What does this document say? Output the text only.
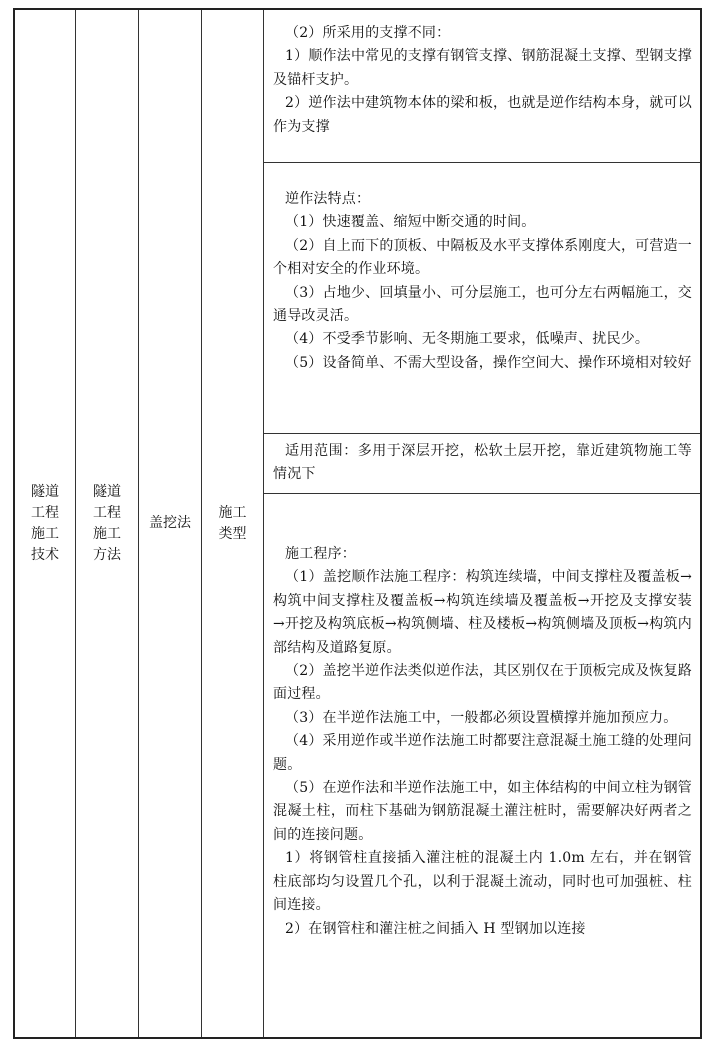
隧道
工程
施工
技术
隧道
工程
施工
方法
盖挖法
施工
类型

（2）所采用的支撑不同：

1）顺作法中常见的支撑有钢管支撑、钢筋混凝土支撑、型钢支撑及锚杆支护。

2）逆作法中建筑物本体的梁和板，也就是逆作结构本身，就可以作为支撑

逆作法特点：

（1）快速覆盖、缩短中断交通的时间。

（2）自上而下的顶板、中隔板及水平支撑体系刚度大，可营造一个相对安全的作业环境。

（3）占地少、回填量小、可分层施工，也可分左右两幅施工，交通导改灵活。

（4）不受季节影响、无冬期施工要求，低噪声、扰民少。

（5）设备简单、不需大型设备，操作空间大、操作环境相对较好

适用范围：多用于深层开挖，松软土层开挖，靠近建筑物施工等情况下

施工程序：

（1）盖挖顺作法施工程序：构筑连续墙，中间支撑柱及覆盖板→构筑中间支撑柱及覆盖板→构筑连续墙及覆盖板→开挖及支撑安装→开挖及构筑底板→构筑侧墙、柱及楼板→构筑侧墙及顶板→构筑内部结构及道路复原。

（2）盖挖半逆作法类似逆作法，其区别仅在于顶板完成及恢复路面过程。

（3）在半逆作法施工中，一般都必须设置横撑并施加预应力。

（4）采用逆作或半逆作法施工时都要注意混凝土施工缝的处理问题。

（5）在逆作法和半逆作法施工中，如主体结构的中间立柱为钢管混凝土柱，而柱下基础为钢筋混凝土灌注桩时，需要解决好两者之间的连接问题。

1）将钢管柱直接插入灌注桩的混凝土内 1.0m 左右，并在钢管柱底部均匀设置几个孔，以利于混凝土流动，同时也可加强桩、柱间连接。

2）在钢管柱和灌注桩之间插入 H 型钢加以连接
